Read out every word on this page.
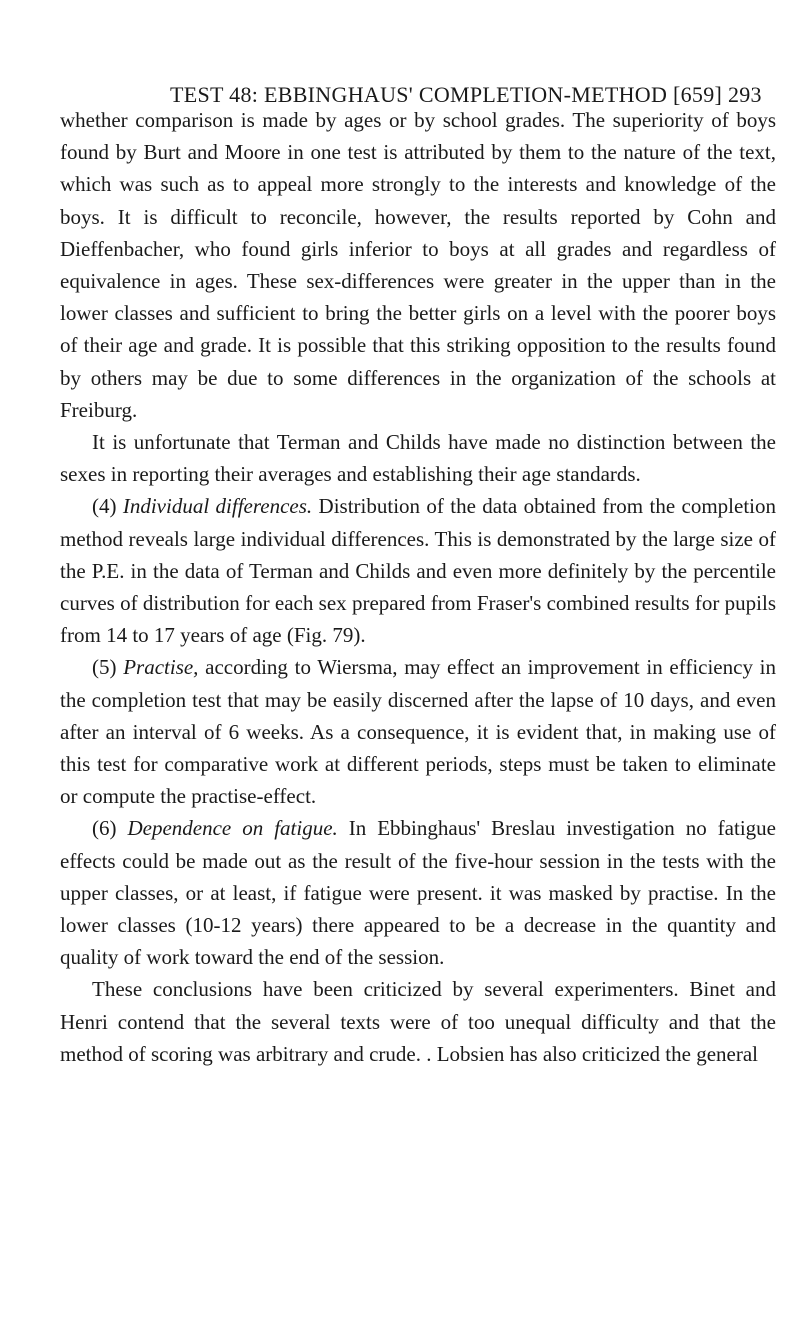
TEST 48: EBBINGHAUS' COMPLETION-METHOD [659] 293

whether comparison is made by ages or by school grades. The superiority of boys found by Burt and Moore in one test is attributed by them to the nature of the text, which was such as to appeal more strongly to the interests and knowledge of the boys. It is difficult to reconcile, however, the results reported by Cohn and Dieffenbacher, who found girls inferior to boys at all grades and regardless of equivalence in ages. These sex-differences were greater in the upper than in the lower classes and sufficient to bring the better girls on a level with the poorer boys of their age and grade. It is possible that this striking opposition to the results found by others may be due to some differences in the organization of the schools at Freiburg.

It is unfortunate that Terman and Childs have made no distinction between the sexes in reporting their averages and establishing their age standards.

(4) Individual differences. Distribution of the data obtained from the completion method reveals large individual differences. This is demonstrated by the large size of the P.E. in the data of Terman and Childs and even more definitely by the percentile curves of distribution for each sex prepared from Fraser's combined results for pupils from 14 to 17 years of age (Fig. 79).

(5) Practise, according to Wiersma, may effect an improvement in efficiency in the completion test that may be easily discerned after the lapse of 10 days, and even after an interval of 6 weeks. As a consequence, it is evident that, in making use of this test for comparative work at different periods, steps must be taken to eliminate or compute the practise-effect.

(6) Dependence on fatigue. In Ebbinghaus' Breslau investigation no fatigue effects could be made out as the result of the five-hour session in the tests with the upper classes, or at least, if fatigue were present. it was masked by practise. In the lower classes (10-12 years) there appeared to be a decrease in the quantity and quality of work toward the end of the session.

These conclusions have been criticized by several experimenters. Binet and Henri contend that the several texts were of too unequal difficulty and that the method of scoring was arbitrary and crude. . Lobsien has also criticized the general
